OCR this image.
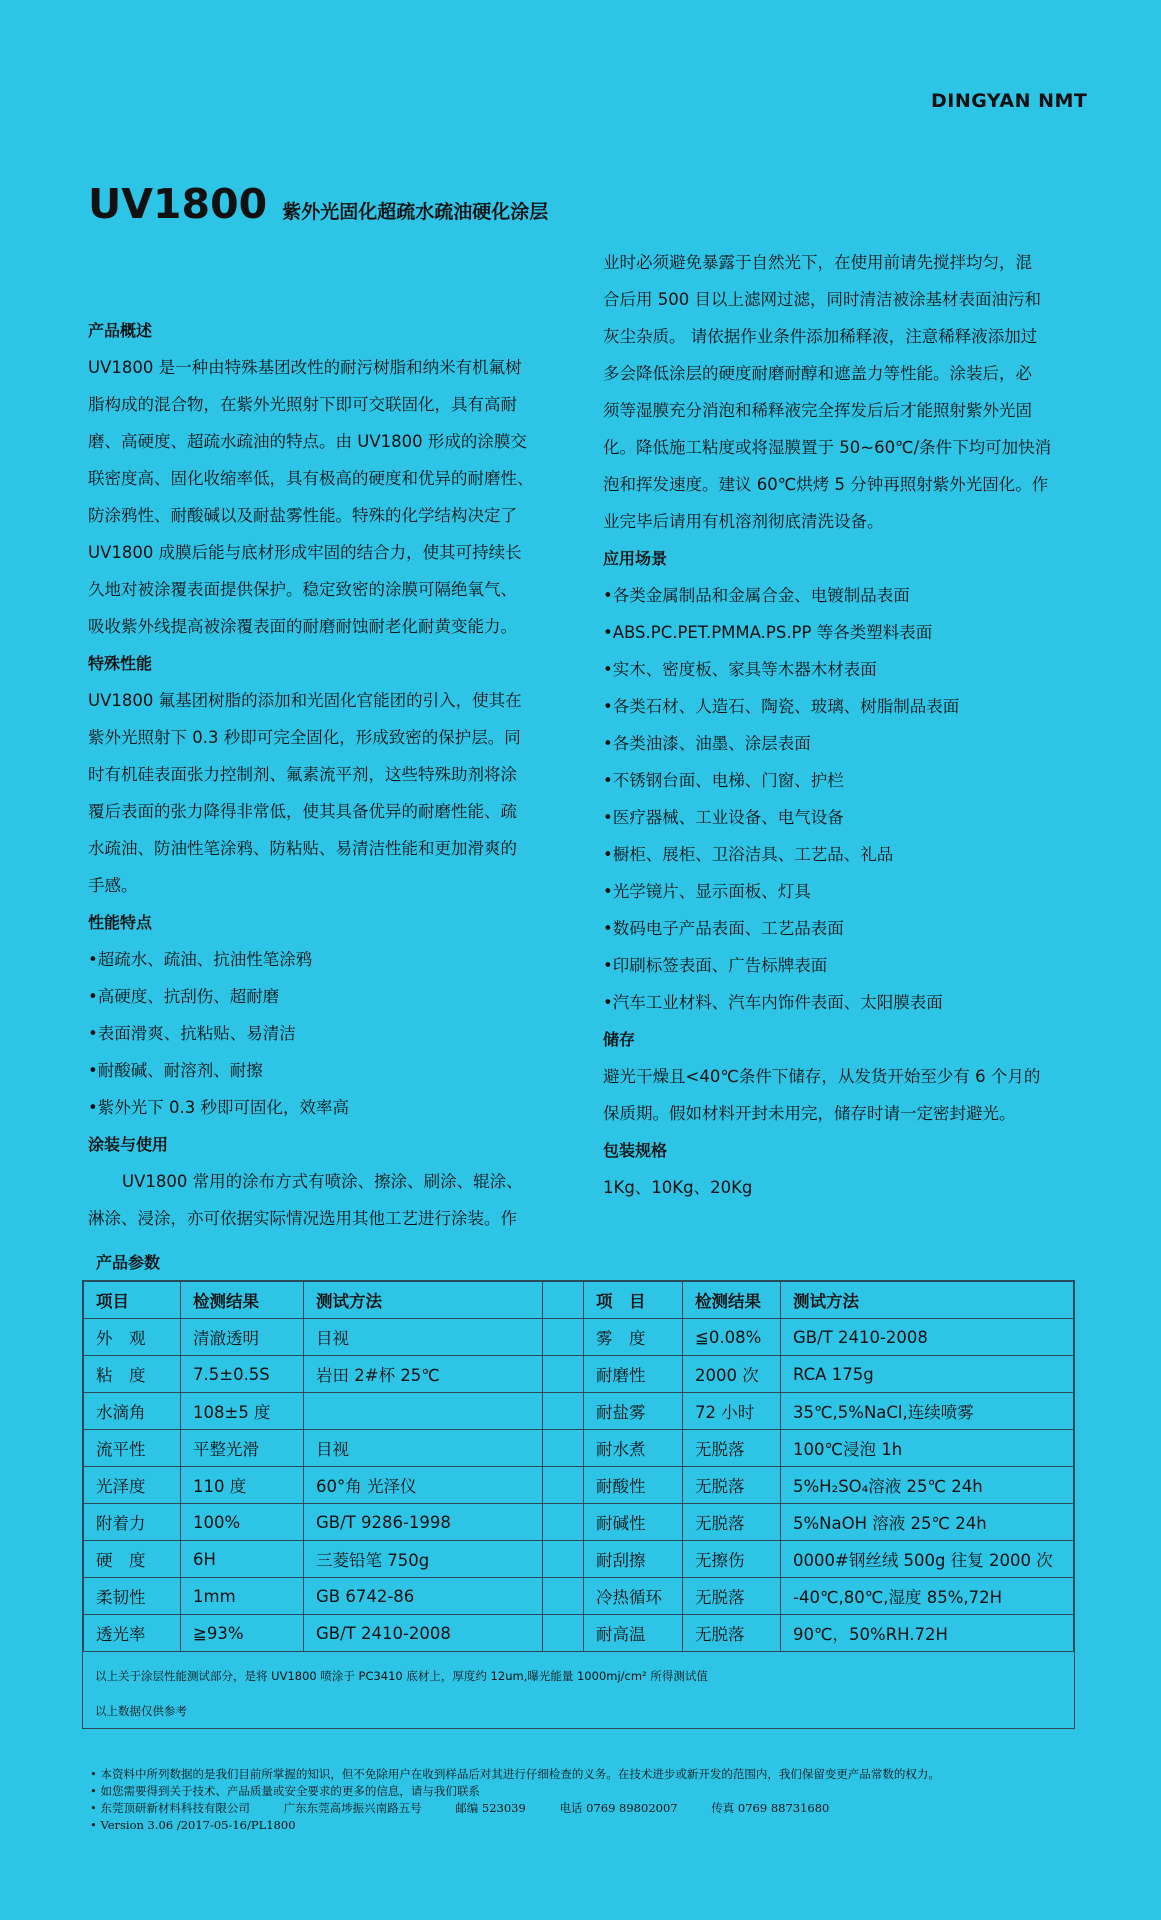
DINGYAN NMT
UV1800 紫外光固化超疏水疏油硬化涂层
产品概述
UV1800 是一种由特殊基团改性的耐污树脂和纳米有机氟树
脂构成的混合物，在紫外光照射下即可交联固化，具有高耐
磨、高硬度、超疏水疏油的特点。由 UV1800 形成的涂膜交
联密度高、固化收缩率低，具有极高的硬度和优异的耐磨性、
防涂鸦性、耐酸碱以及耐盐雾性能。特殊的化学结构决定了
UV1800 成膜后能与底材形成牢固的结合力，使其可持续长
久地对被涂覆表面提供保护。稳定致密的涂膜可隔绝氧气、
吸收紫外线提高被涂覆表面的耐磨耐蚀耐老化耐黄变能力。
特殊性能
UV1800 氟基团树脂的添加和光固化官能团的引入，使其在
紫外光照射下 0.3 秒即可完全固化，形成致密的保护层。同
时有机硅表面张力控制剂、氟素流平剂，这些特殊助剂将涂
覆后表面的张力降得非常低，使其具备优异的耐磨性能、疏
水疏油、防油性笔涂鸦、防粘贴、易清洁性能和更加滑爽的
手感。
性能特点
•超疏水、疏油、抗油性笔涂鸦
•高硬度、抗刮伤、超耐磨
•表面滑爽、抗粘贴、易清洁
•耐酸碱、耐溶剂、耐擦
•紫外光下 0.3 秒即可固化，效率高
涂装与使用
UV1800 常用的涂布方式有喷涂、擦涂、刷涂、辊涂、
淋涂、浸涂，亦可依据实际情况选用其他工艺进行涂装。作
业时必须避免暴露于自然光下，在使用前请先搅拌均匀，混
合后用 500 目以上滤网过滤，同时清洁被涂基材表面油污和
灰尘杂质。 请依据作业条件添加稀释液，注意稀释液添加过
多会降低涂层的硬度耐磨耐醇和遮盖力等性能。涂装后，必
须等湿膜充分消泡和稀释液完全挥发后后才能照射紫外光固
化。降低施工粘度或将湿膜置于 50~60℃/条件下均可加快消
泡和挥发速度。建议 60℃烘烤 5 分钟再照射紫外光固化。作
业完毕后请用有机溶剂彻底清洗设备。
应用场景
•各类金属制品和金属合金、电镀制品表面
•ABS.PC.PET.PMMA.PS.PP 等各类塑料表面
•实木、密度板、家具等木器木材表面
•各类石材、人造石、陶瓷、玻璃、树脂制品表面
•各类油漆、油墨、涂层表面
•不锈钢台面、电梯、门窗、护栏
•医疗器械、工业设备、电气设备
•橱柜、展柜、卫浴洁具、工艺品、礼品
•光学镜片、显示面板、灯具
•数码电子产品表面、工艺品表面
•印刷标签表面、广告标牌表面
•汽车工业材料、汽车内饰件表面、太阳膜表面
储存
避光干燥且<40℃条件下储存，从发货开始至少有 6 个月的
保质期。假如材料开封未用完，储存时请一定密封避光。
包装规格
1Kg、10Kg、20Kg
产品参数
项目	检测结果	测试方法		项　目	检测结果	测试方法
外　观	清澈透明	目视		雾　度	≦0.08%	GB/T 2410-2008
粘　度	7.5±0.5S	岩田 2#杯 25℃		耐磨性	2000 次	RCA 175g
水滴角	108±5 度			耐盐雾	72 小时	35℃,5%NaCl,连续喷雾
流平性	平整光滑	目视		耐水煮	无脱落	100℃浸泡 1h
光泽度	110 度	60°角 光泽仪		耐酸性	无脱落	5%H₂SO₄溶液 25℃ 24h
附着力	100%	GB/T 9286-1998		耐碱性	无脱落	5%NaOH 溶液 25℃ 24h
硬　度	6H	三菱铅笔 750g		耐刮擦	无擦伤	0000#钢丝绒 500g 往复 2000 次
柔韧性	1mm	GB 6742-86		冷热循环	无脱落	-40℃,80℃,湿度 85%,72H
透光率	≧93%	GB/T 2410-2008		耐高温	无脱落	90℃，50%RH.72H
以上关于涂层性能测试部分，是将 UV1800 喷涂于 PC3410 底材上，厚度约 12um,曝光能量 1000mj/cm² 所得测试值
以上数据仅供参考
• 本资料中所列数据的是我们目前所掌握的知识，但不免除用户在收到样品后对其进行仔细检查的义务。在技术进步或新开发的范围内，我们保留变更产品常数的权力。
• 如您需要得到关于技术、产品质量或安全要求的更多的信息，请与我们联系
• 东莞顶研新材料科技有限公司	广东东莞高埗振兴南路五号	邮编 523039	电话 0769 89802007	传真 0769 88731680
• Version 3.06 /2017-05-16/PL1800
